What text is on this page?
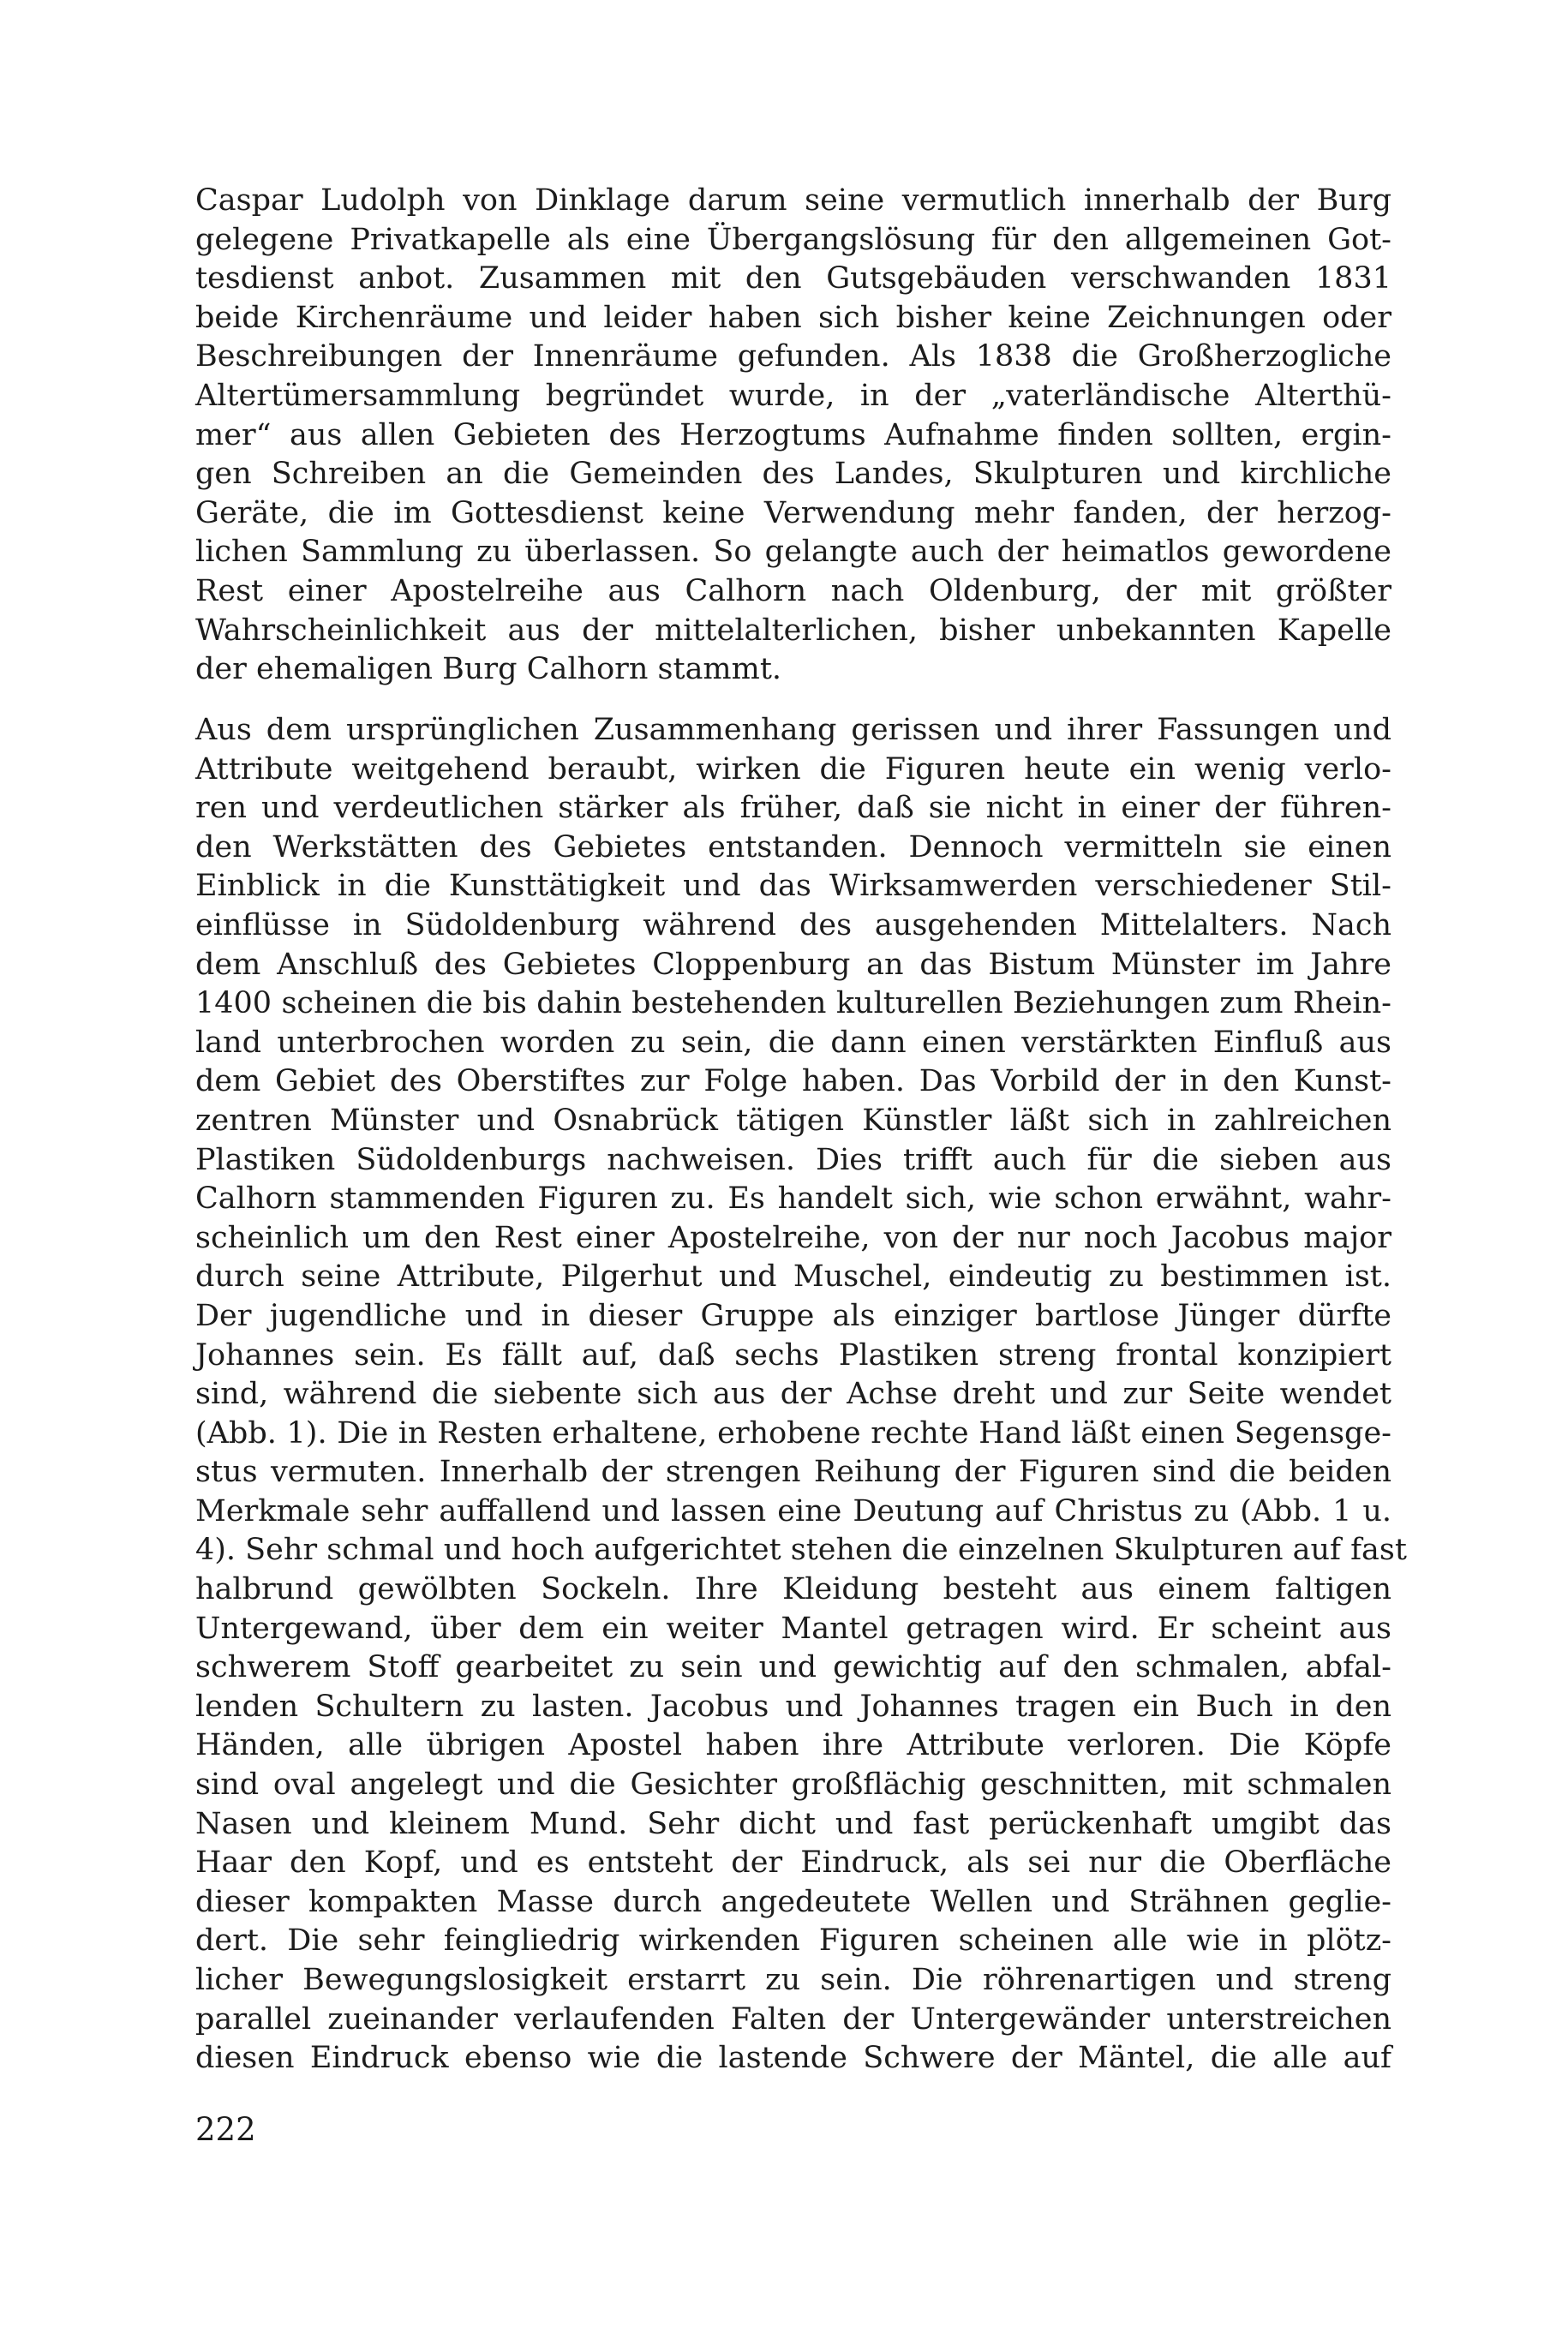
Caspar Ludolph von Dinklage darum seine vermutlich innerhalb der Burg
gelegene Privatkapelle als eine Übergangslösung für den allgemeinen Got-
tesdienst anbot. Zusammen mit den Gutsgebäuden verschwanden 1831
beide Kirchenräume und leider haben sich bisher keine Zeichnungen oder
Beschreibungen der Innenräume gefunden. Als 1838 die Großherzogliche
Altertümersammlung begründet wurde, in der „vaterländische Alterthü-
mer“ aus allen Gebieten des Herzogtums Aufnahme finden sollten, ergin-
gen Schreiben an die Gemeinden des Landes, Skulpturen und kirchliche
Geräte, die im Gottesdienst keine Verwendung mehr fanden, der herzog-
lichen Sammlung zu überlassen. So gelangte auch der heimatlos gewordene
Rest einer Apostelreihe aus Calhorn nach Oldenburg, der mit größter
Wahrscheinlichkeit aus der mittelalterlichen, bisher unbekannten Kapelle
der ehemaligen Burg Calhorn stammt.
Aus dem ursprünglichen Zusammenhang gerissen und ihrer Fassungen und
Attribute weitgehend beraubt, wirken die Figuren heute ein wenig verlo-
ren und verdeutlichen stärker als früher, daß sie nicht in einer der führen-
den Werkstätten des Gebietes entstanden. Dennoch vermitteln sie einen
Einblick in die Kunsttätigkeit und das Wirksamwerden verschiedener Stil-
einflüsse in Südoldenburg während des ausgehenden Mittelalters. Nach
dem Anschluß des Gebietes Cloppenburg an das Bistum Münster im Jahre
1400 scheinen die bis dahin bestehenden kulturellen Beziehungen zum Rhein-
land unterbrochen worden zu sein, die dann einen verstärkten Einfluß aus
dem Gebiet des Oberstiftes zur Folge haben. Das Vorbild der in den Kunst-
zentren Münster und Osnabrück tätigen Künstler läßt sich in zahlreichen
Plastiken Südoldenburgs nachweisen. Dies trifft auch für die sieben aus
Calhorn stammenden Figuren zu. Es handelt sich, wie schon erwähnt, wahr-
scheinlich um den Rest einer Apostelreihe, von der nur noch Jacobus major
durch seine Attribute, Pilgerhut und Muschel, eindeutig zu bestimmen ist.
Der jugendliche und in dieser Gruppe als einziger bartlose Jünger dürfte
Johannes sein. Es fällt auf, daß sechs Plastiken streng frontal konzipiert
sind, während die siebente sich aus der Achse dreht und zur Seite wendet
(Abb. 1). Die in Resten erhaltene, erhobene rechte Hand läßt einen Segensge-
stus vermuten. Innerhalb der strengen Reihung der Figuren sind die beiden
Merkmale sehr auffallend und lassen eine Deutung auf Christus zu (Abb. 1 u.
4). Sehr schmal und hoch aufgerichtet stehen die einzelnen Skulpturen auf fast
halbrund gewölbten Sockeln. Ihre Kleidung besteht aus einem faltigen
Untergewand, über dem ein weiter Mantel getragen wird. Er scheint aus
schwerem Stoff gearbeitet zu sein und gewichtig auf den schmalen, abfal-
lenden Schultern zu lasten. Jacobus und Johannes tragen ein Buch in den
Händen, alle übrigen Apostel haben ihre Attribute verloren. Die Köpfe
sind oval angelegt und die Gesichter großflächig geschnitten, mit schmalen
Nasen und kleinem Mund. Sehr dicht und fast perückenhaft umgibt das
Haar den Kopf, und es entsteht der Eindruck, als sei nur die Oberfläche
dieser kompakten Masse durch angedeutete Wellen und Strähnen geglie-
dert. Die sehr feingliedrig wirkenden Figuren scheinen alle wie in plötz-
licher Bewegungslosigkeit erstarrt zu sein. Die röhrenartigen und streng
parallel zueinander verlaufenden Falten der Untergewänder unterstreichen
diesen Eindruck ebenso wie die lastende Schwere der Mäntel, die alle auf
222
